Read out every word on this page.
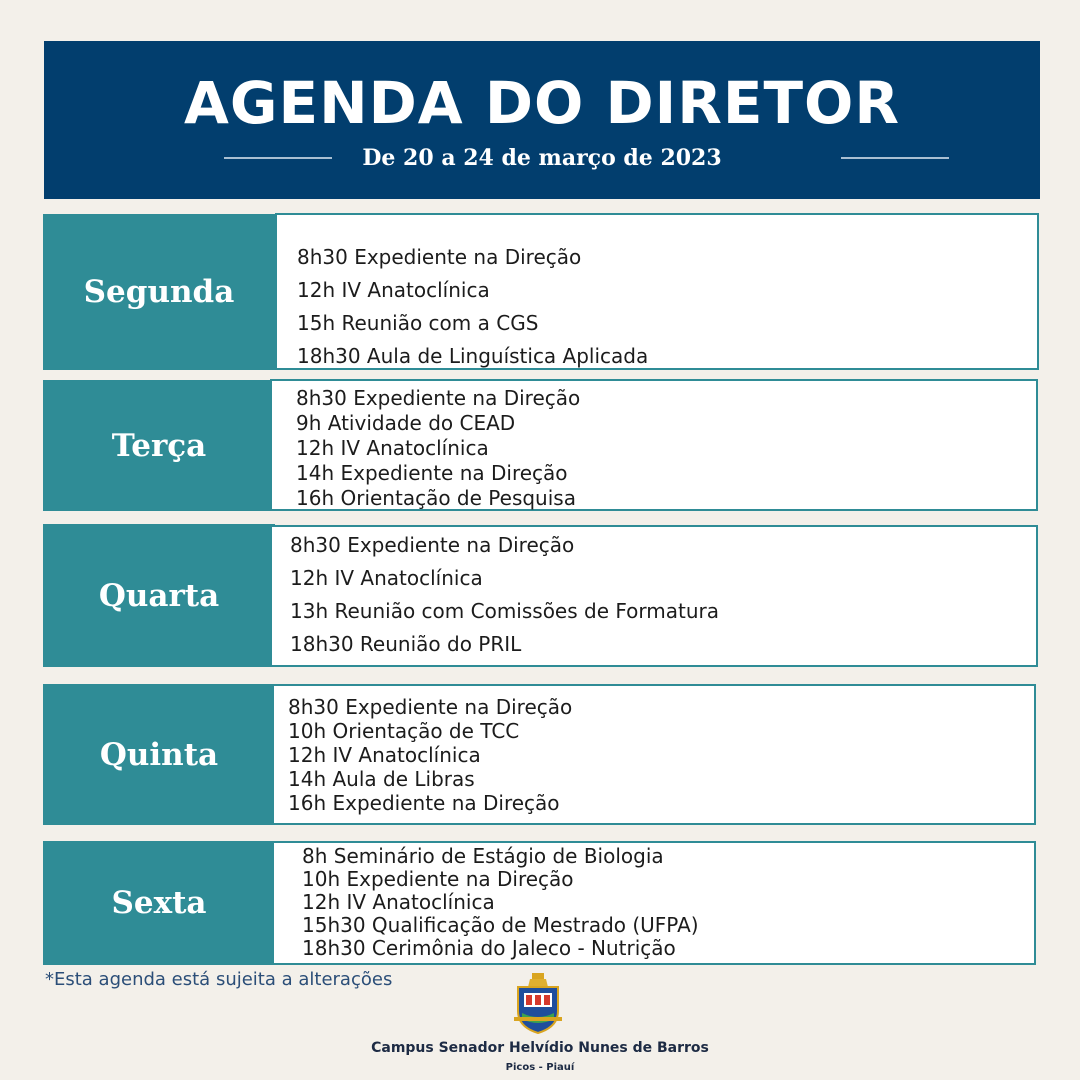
AGENDA DO DIRETOR
De 20 a 24 de março de 2023
Segunda
8h30 Expediente na Direção
12h IV Anatoclínica
15h Reunião com a CGS
18h30 Aula de Linguística Aplicada
Terça
8h30 Expediente na Direção
9h Atividade do CEAD
12h IV Anatoclínica
14h Expediente na Direção
16h Orientação de Pesquisa
Quarta
8h30 Expediente na Direção
12h IV Anatoclínica
13h Reunião com Comissões de Formatura
18h30 Reunião do PRIL
Quinta
8h30 Expediente na Direção
10h Orientação de TCC
12h IV Anatoclínica
14h Aula de Libras
16h Expediente na Direção
Sexta
8h Seminário de Estágio de Biologia
10h Expediente na Direção
12h IV Anatoclínica
15h30 Qualificação de Mestrado (UFPA)
18h30 Cerimônia do Jaleco - Nutrição
*Esta agenda está sujeita a alterações
Campus Senador Helvídio Nunes de Barros
Picos - Piauí
